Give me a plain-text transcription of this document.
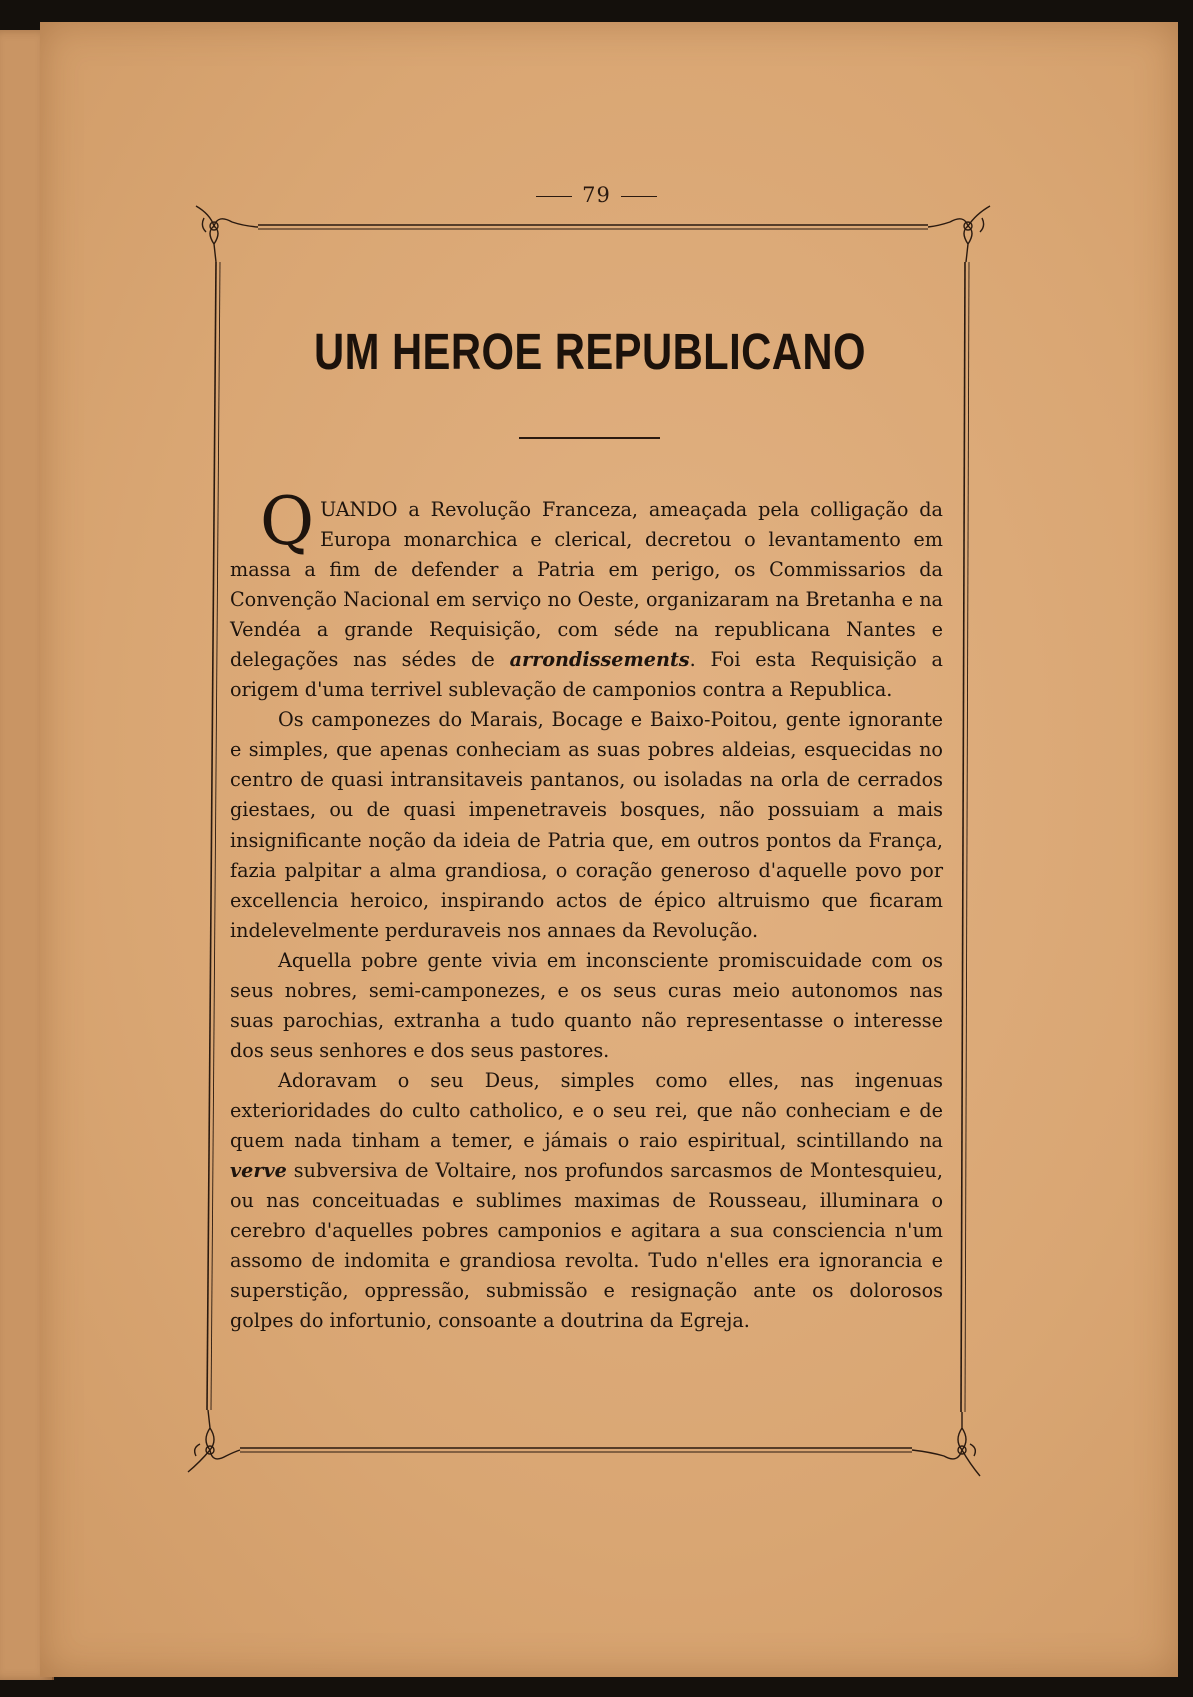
79
UM HEROE REPUBLICANO

QUANDO a Revolução Franceza, ameaçada pela colligação da Europa monarchica e clerical, decretou o levantamento em massa a fim de defender a Patria em perigo, os Commissarios da Convenção Nacional em serviço no Oeste, organizaram na Bretanha e na Vendéa a grande Requisição, com séde na republicana Nantes e delegações nas sédes de arrondissements. Foi esta Requisição a origem d'uma terrivel sublevação de camponios contra a Republica.

Os camponezes do Marais, Bocage e Baixo-Poitou, gente ignorante e simples, que apenas conheciam as suas pobres aldeias, esquecidas no centro de quasi intransitaveis pantanos, ou isoladas na orla de cerrados giestaes, ou de quasi impenetraveis bosques, não possuiam a mais insignificante noção da ideia de Patria que, em outros pontos da França, fazia palpitar a alma grandiosa, o coração generoso d'aquelle povo por excellencia heroico, inspirando actos de épico altruismo que ficaram indelevelmente perduraveis nos annaes da Revolução.

Aquella pobre gente vivia em inconsciente promiscuidade com os seus nobres, semi-camponezes, e os seus curas meio autonomos nas suas parochias, extranha a tudo quanto não representasse o interesse dos seus senhores e dos seus pastores.

Adoravam o seu Deus, simples como elles, nas ingenuas exterioridades do culto catholico, e o seu rei, que não conheciam e de quem nada tinham a temer, e jámais o raio espiritual, scintillando na verve subversiva de Voltaire, nos profundos sarcasmos de Montesquieu, ou nas conceituadas e sublimes maximas de Rousseau, illuminara o cerebro d'aquelles pobres camponios e agitara a sua consciencia n'um assomo de indomita e grandiosa revolta. Tudo n'elles era ignorancia e superstição, oppressão, submissão e resignação ante os dolorosos golpes do infortunio, consoante a doutrina da Egreja.
